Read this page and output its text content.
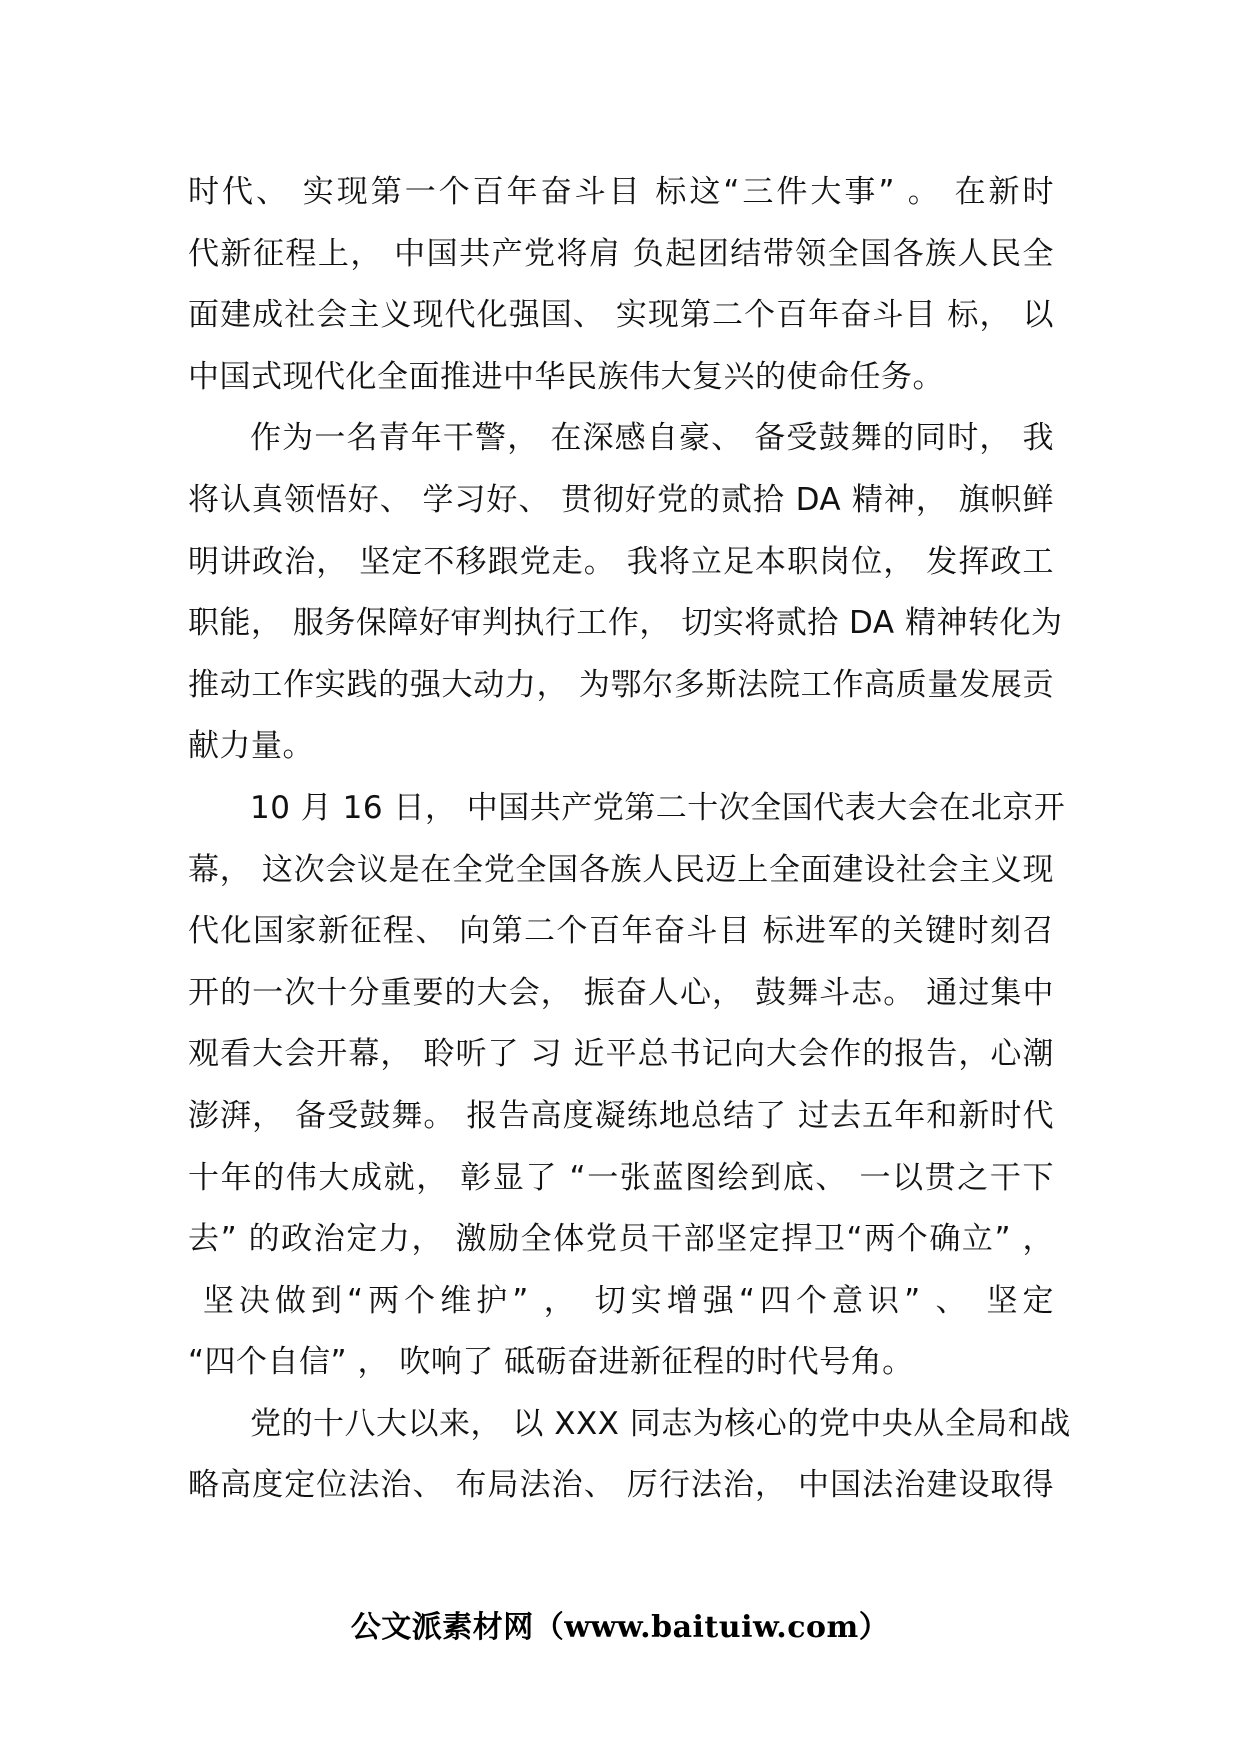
时代、 实现第一个百年奋斗目 标这“三件大事” 。 在新时
代新征程上， 中国共产党将肩 负起团结带领全国各族人民全
面建成社会主义现代化强国、 实现第二个百年奋斗目 标， 以
中国式现代化全面推进中华民族伟大复兴的使命任务。
作为一名青年干警， 在深感自豪、 备受鼓舞的同时， 我
将认真领悟好、 学习好、 贯彻好党的贰拾 DA 精神， 旗帜鲜
明讲政治， 坚定不移跟党走。 我将立足本职岗位， 发挥政工
职能， 服务保障好审判执行工作， 切实将贰拾 DA 精神转化为
推动工作实践的强大动力， 为鄂尔多斯法院工作高质量发展贡
献力量。
10 月 16 日， 中国共产党第二十次全国代表大会在北京开
幕， 这次会议是在全党全国各族人民迈上全面建设社会主义现
代化国家新征程、 向第二个百年奋斗目 标进军的关键时刻召
开的一次十分重要的大会， 振奋人心， 鼓舞斗志。 通过集中
观看大会开幕， 聆听了 习 近平总书记向大会作的报告，心潮
澎湃， 备受鼓舞。 报告高度凝练地总结了 过去五年和新时代
十年的伟大成就， 彰显了 “一张蓝图绘到底、 一以贯之干下
去” 的政治定力， 激励全体党员干部坚定捍卫“两个确立” ，
坚决做到“两个维护” ， 切实增强“四个意识” 、 坚定
“四个自信” ， 吹响了 砥砺奋进新征程的时代号角。
党的十八大以来， 以 XXX 同志为核心的党中央从全局和战
略高度定位法治、 布局法治、 厉行法治， 中国法治建设取得
公文派素材网（www.baituiw.com）
